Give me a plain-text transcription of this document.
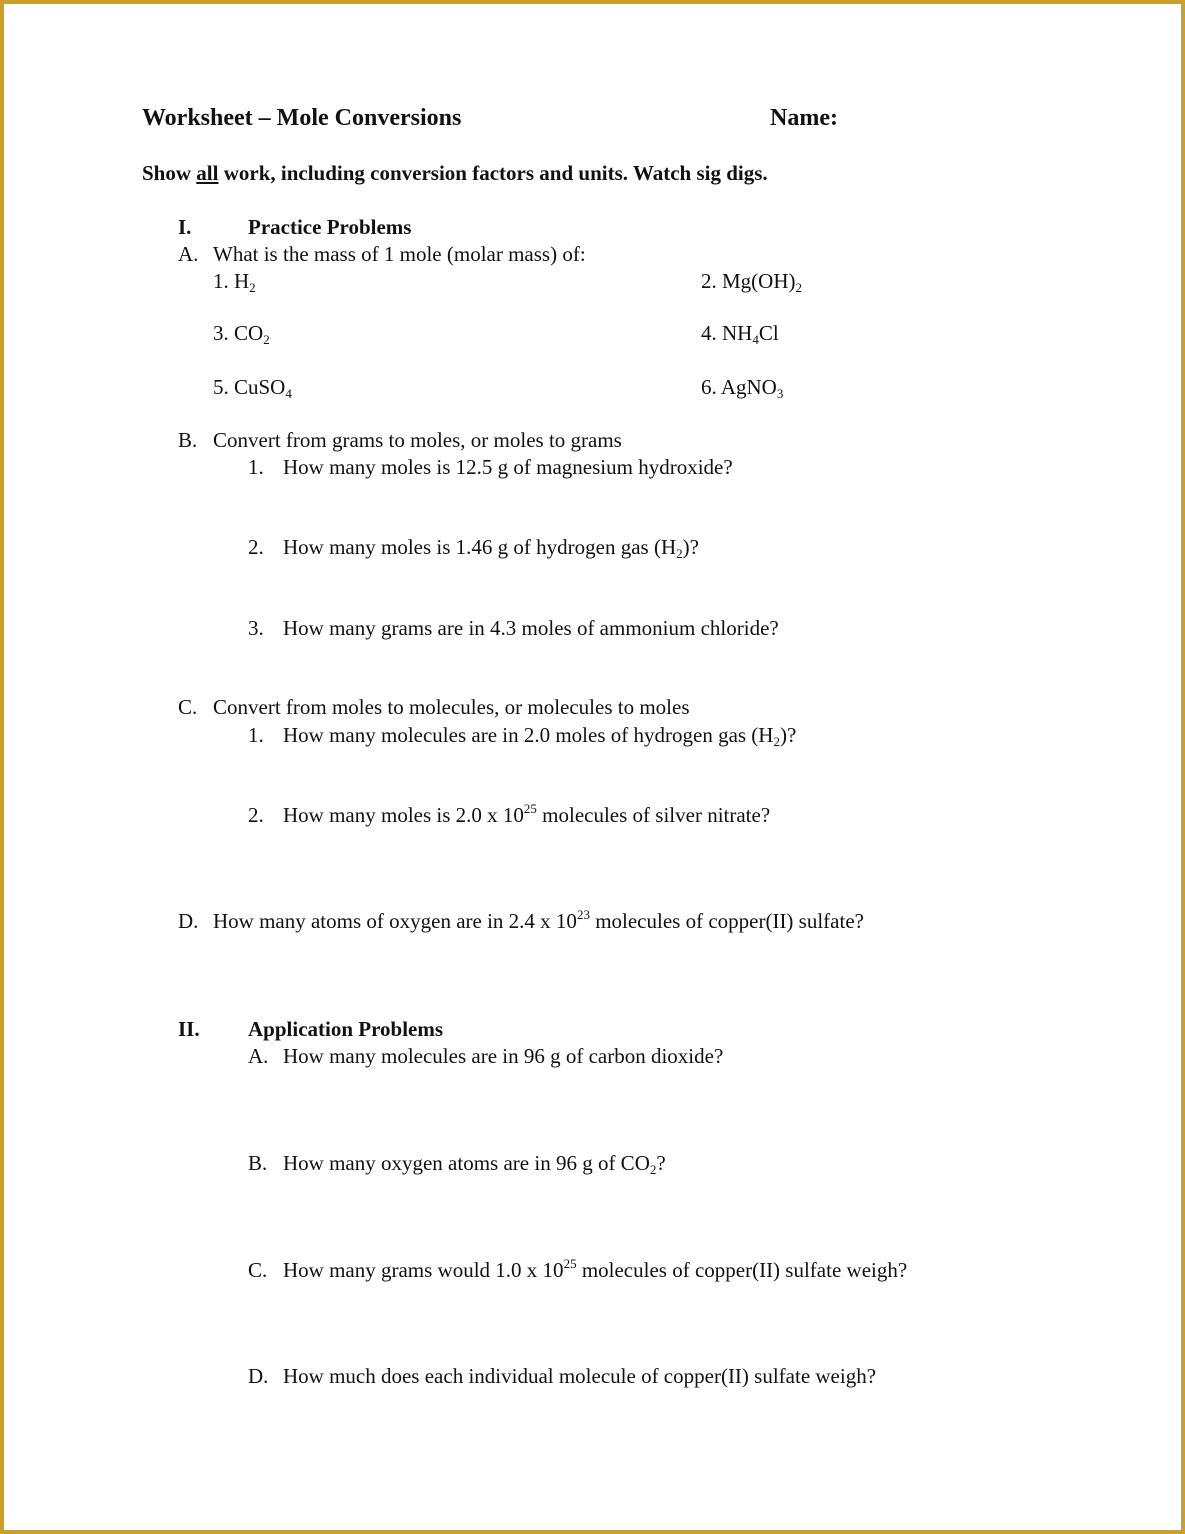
Worksheet – Mole Conversions	Name:
Show all work, including conversion factors and units. Watch sig digs.
I.	Practice Problems
A. What is the mass of 1 mole (molar mass) of:
1. $H_2$	2. $Mg(OH)_2$
3. $CO_2$	4. $NH_4Cl$
5. CuSO$_4$	6. AgNO$_3$
B. Convert from grams to moles, or moles to grams
1. How many moles is 12.5 g of magnesium hydroxide?
2. How many moles is 1.46 g of hydrogen gas $(H_2)$?
3. How many grams are in 4.3 moles of ammonium chloride?
C. Convert from moles to molecules, or molecules to moles
1. How many molecules are in 2.0 moles of hydrogen gas $(H_2)$?
2. How many moles is 2.0 x $10^{25}$ molecules of silver nitrate?
D. How many atoms of oxygen are in 2.4 x $10^{23}$ molecules of copper(II) sulfate?
II. Application Problems
A. How many molecules are in 96 g of carbon dioxide?
B. How many oxygen atoms are in 96 g of $CO_2$?
C. How many grams would 1.0 x $10^{25}$ molecules of copper(II) sulfate weigh?
D. How much does each individual molecule of copper(II) sulfate weigh?
